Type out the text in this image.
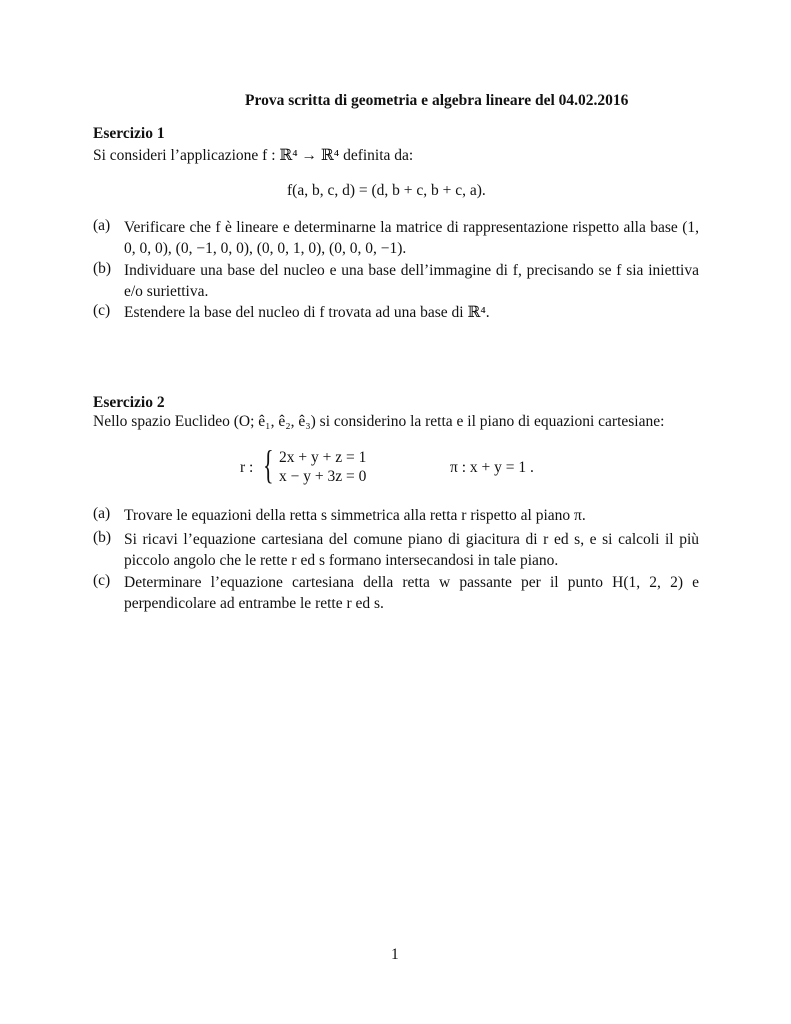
Prova scritta di geometria e algebra lineare del 04.02.2016
Esercizio 1
Si consideri l’applicazione f : ℝ⁴ → ℝ⁴ definita da:
f(a, b, c, d) = (d, b + c, b + c, a).
(a) Verificare che f è lineare e determinarne la matrice di rappresentazione rispetto alla base (1, 0, 0, 0), (0, −1, 0, 0), (0, 0, 1, 0), (0, 0, 0, −1).
(b) Individuare una base del nucleo e una base dell’immagine di f, precisando se f sia iniettiva e/o suriettiva.
(c) Estendere la base del nucleo di f trovata ad una base di ℝ⁴.
Esercizio 2
Nello spazio Euclideo (O; ê₁, ê₂, ê₃) si considerino la retta e il piano di equazioni cartesiane:
r : { 2x + y + z = 1
x − y + 3z = 0
π : x + y = 1 .
(a) Trovare le equazioni della retta s simmetrica alla retta r rispetto al piano π.
(b) Si ricavi l’equazione cartesiana del comune piano di giacitura di r ed s, e si calcoli il più piccolo angolo che le rette r ed s formano intersecandosi in tale piano.
(c) Determinare l’equazione cartesiana della retta w passante per il punto H(1, 2, 2) e perpendicolare ad entrambe le rette r ed s.
1
